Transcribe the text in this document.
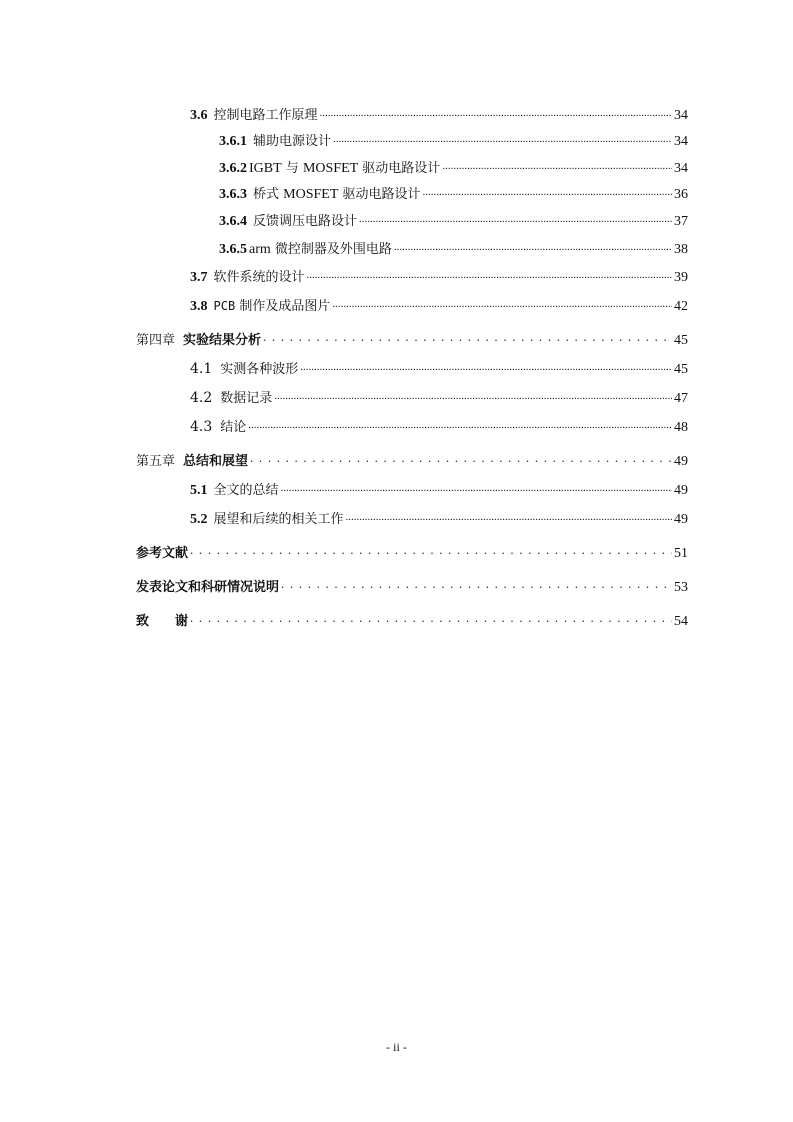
3.6 控制电路工作原理 .....	34
3.6.1 辅助电源设计 .....	34
3.6.2 IGBT 与 MOSFET 驱动电路设计 .....	34
3.6.3 桥式 MOSFET 驱动电路设计 .....	36
3.6.4 反馈调压电路设计 .....	37
3.6.5 arm 微控制器及外围电路 .....	38
3.7 软件系统的设计 .....	39
3.8 PCB 制作及成品图片 .....	42
第四章 实验结果分析 . . .	45
4.1 实测各种波形 .....	45
4.2 数据记录 .....	47
4.3 结论 .....	48
第五章 总结和展望 . . .	49
5.1 全文的总结 .....	49
5.2 展望和后续的相关工作 .....	49
参考文献 . . .	51
发表论文和科研情况说明 . . .	53
致　　谢 . . .	54
- ii -
